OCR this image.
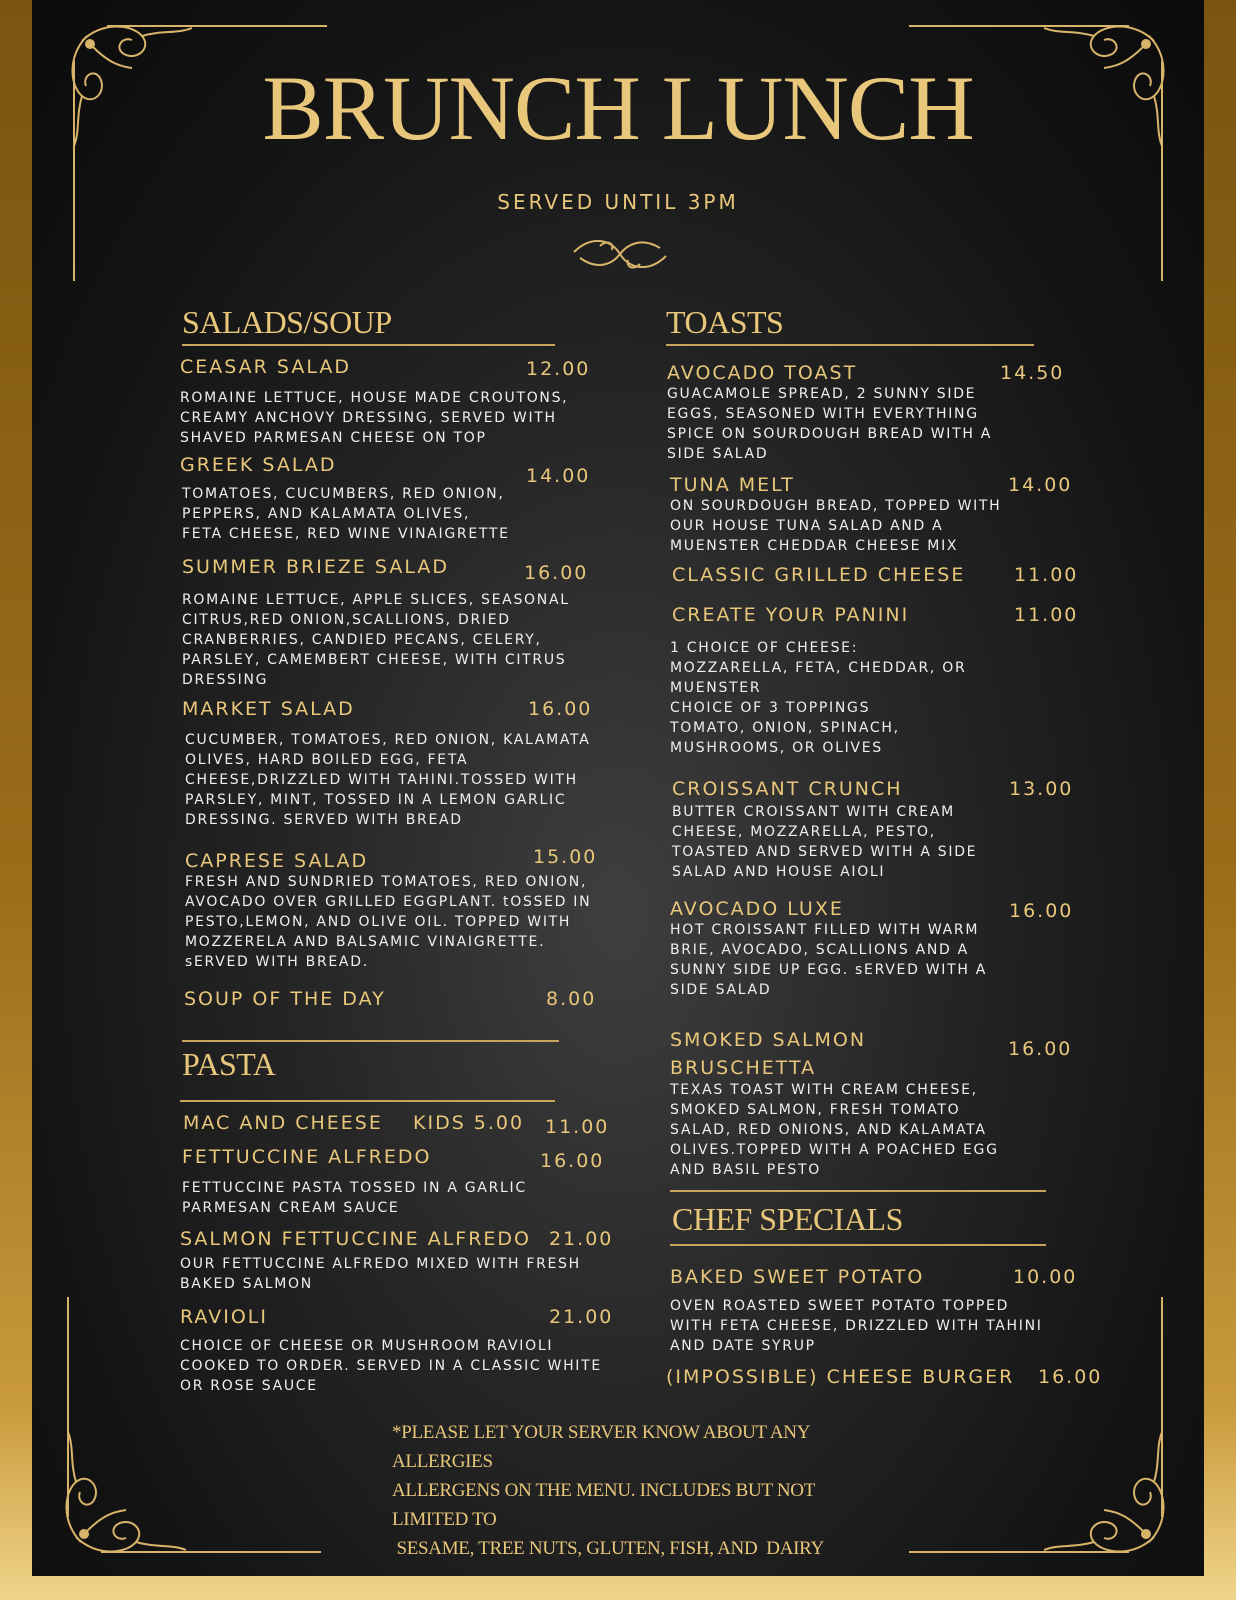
BRUNCH LUNCH
SERVED UNTIL 3PM
SALADS/SOUP
CEASAR SALAD	12.00
ROMAINE LETTUCE, HOUSE MADE CROUTONS,
CREAMY ANCHOVY DRESSING, SERVED WITH
SHAVED PARMESAN CHEESE ON TOP
GREEK SALAD	14.00
TOMATOES, CUCUMBERS, RED ONION,
PEPPERS, AND KALAMATA OLIVES,
FETA CHEESE, RED WINE VINAIGRETTE
SUMMER BRIEZE SALAD	16.00
ROMAINE LETTUCE, APPLE SLICES, SEASONAL
CITRUS,RED ONION,SCALLIONS, DRIED
CRANBERRIES, CANDIED PECANS, CELERY,
PARSLEY, CAMEMBERT CHEESE, WITH CITRUS
DRESSING
MARKET SALAD	16.00
CUCUMBER, TOMATOES, RED ONION, KALAMATA
OLIVES, HARD BOILED EGG, FETA
CHEESE,DRIZZLED WITH TAHINI.TOSSED WITH
PARSLEY, MINT, TOSSED IN A LEMON GARLIC
DRESSING. SERVED WITH BREAD
CAPRESE SALAD	15.00
FRESH AND SUNDRIED TOMATOES, RED ONION,
AVOCADO OVER GRILLED EGGPLANT. tOSSED IN
PESTO,LEMON, AND OLIVE OIL. TOPPED WITH
MOZZERELA AND BALSAMIC VINAIGRETTE.
sERVED WITH BREAD.
SOUP OF THE DAY	8.00
PASTA
MAC AND CHEESE KIDS 5.00 11.00
FETTUCCINE ALFREDO	16.00
FETTUCCINE PASTA TOSSED IN A GARLIC
PARMESAN CREAM SAUCE
SALMON FETTUCCINE ALFREDO 21.00
OUR FETTUCCINE ALFREDO MIXED WITH FRESH
BAKED SALMON
RAVIOLI	21.00
CHOICE OF CHEESE OR MUSHROOM RAVIOLI
COOKED TO ORDER. SERVED IN A CLASSIC WHITE
OR ROSE SAUCE
TOASTS
AVOCADO TOAST	14.50
GUACAMOLE SPREAD, 2 SUNNY SIDE
EGGS, SEASONED WITH EVERYTHING
SPICE ON SOURDOUGH BREAD WITH A
SIDE SALAD
TUNA MELT	14.00
ON SOURDOUGH BREAD, TOPPED WITH
OUR HOUSE TUNA SALAD AND A
MUENSTER CHEDDAR CHEESE MIX
CLASSIC GRILLED CHEESE	11.00
CREATE YOUR PANINI	11.00
1 CHOICE OF CHEESE:
MOZZARELLA, FETA, CHEDDAR, OR
MUENSTER
CHOICE OF 3 TOPPINGS
TOMATO, ONION, SPINACH,
MUSHROOMS, OR OLIVES
CROISSANT CRUNCH	13.00
BUTTER CROISSANT WITH CREAM
CHEESE, MOZZARELLA, PESTO,
TOASTED AND SERVED WITH A SIDE
SALAD AND HOUSE AIOLI
AVOCADO LUXE	16.00
HOT CROISSANT FILLED WITH WARM
BRIE, AVOCADO, SCALLIONS AND A
SUNNY SIDE UP EGG. sERVED WITH A
SIDE SALAD
SMOKED SALMON
BRUSCHETTA
16.00
TEXAS TOAST WITH CREAM CHEESE,
SMOKED SALMON, FRESH TOMATO
SALAD, RED ONIONS, AND KALAMATA
OLIVES.TOPPED WITH A POACHED EGG
AND BASIL PESTO
CHEF SPECIALS
BAKED SWEET POTATO	10.00
OVEN ROASTED SWEET POTATO TOPPED
WITH FETA CHEESE, DRIZZLED WITH TAHINI
AND DATE SYRUP
(IMPOSSIBLE) CHEESE BURGER 16.00
*PLEASE LET YOUR SERVER KNOW ABOUT ANY
ALLERGIES
ALLERGENS ON THE MENU. INCLUDES BUT NOT
LIMITED TO
SESAME, TREE NUTS, GLUTEN, FISH, AND  DAIRY
